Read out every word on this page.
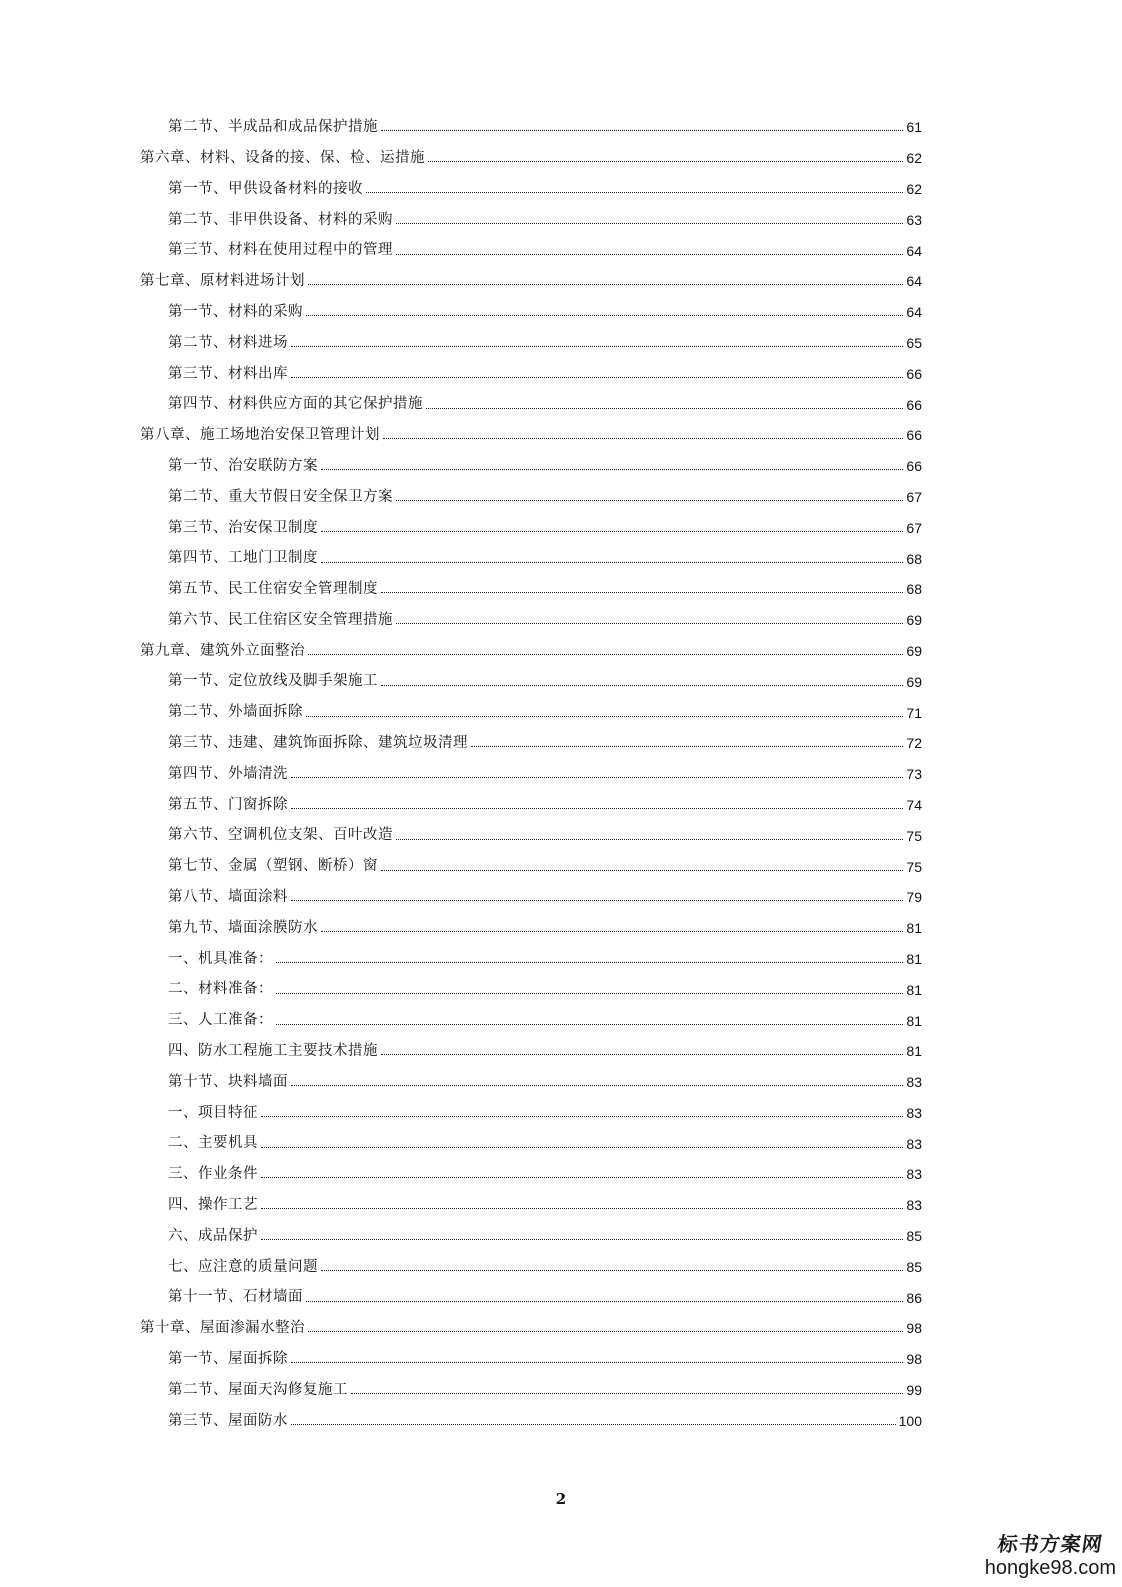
第二节、半成品和成品保护措施	61
第六章、材料、设备的接、保、检、运措施	62
第一节、甲供设备材料的接收	62
第二节、非甲供设备、材料的采购	63
第三节、材料在使用过程中的管理	64
第七章、原材料进场计划	64
第一节、材料的采购	64
第二节、材料进场	65
第三节、材料出库	66
第四节、材料供应方面的其它保护措施	66
第八章、施工场地治安保卫管理计划	66
第一节、治安联防方案	66
第二节、重大节假日安全保卫方案	67
第三节、治安保卫制度	67
第四节、工地门卫制度	68
第五节、民工住宿安全管理制度	68
第六节、民工住宿区安全管理措施	69
第九章、建筑外立面整治	69
第一节、定位放线及脚手架施工	69
第二节、外墙面拆除	71
第三节、违建、建筑饰面拆除、建筑垃圾清理	72
第四节、外墙清洗	73
第五节、门窗拆除	74
第六节、空调机位支架、百叶改造	75
第七节、金属（塑钢、断桥）窗	75
第八节、墙面涂料	79
第九节、墙面涂膜防水	81
一、机具准备：	81
二、材料准备：	81
三、人工准备：	81
四、防水工程施工主要技术措施	81
第十节、块料墙面	83
一、项目特征	83
二、主要机具	83
三、作业条件	83
四、操作工艺	83
六、成品保护	85
七、应注意的质量问题	85
第十一节、石材墙面	86
第十章、屋面渗漏水整治	98
第一节、屋面拆除	98
第二节、屋面天沟修复施工	99
第三节、屋面防水	100
2
标书方案网
hongke98.com
